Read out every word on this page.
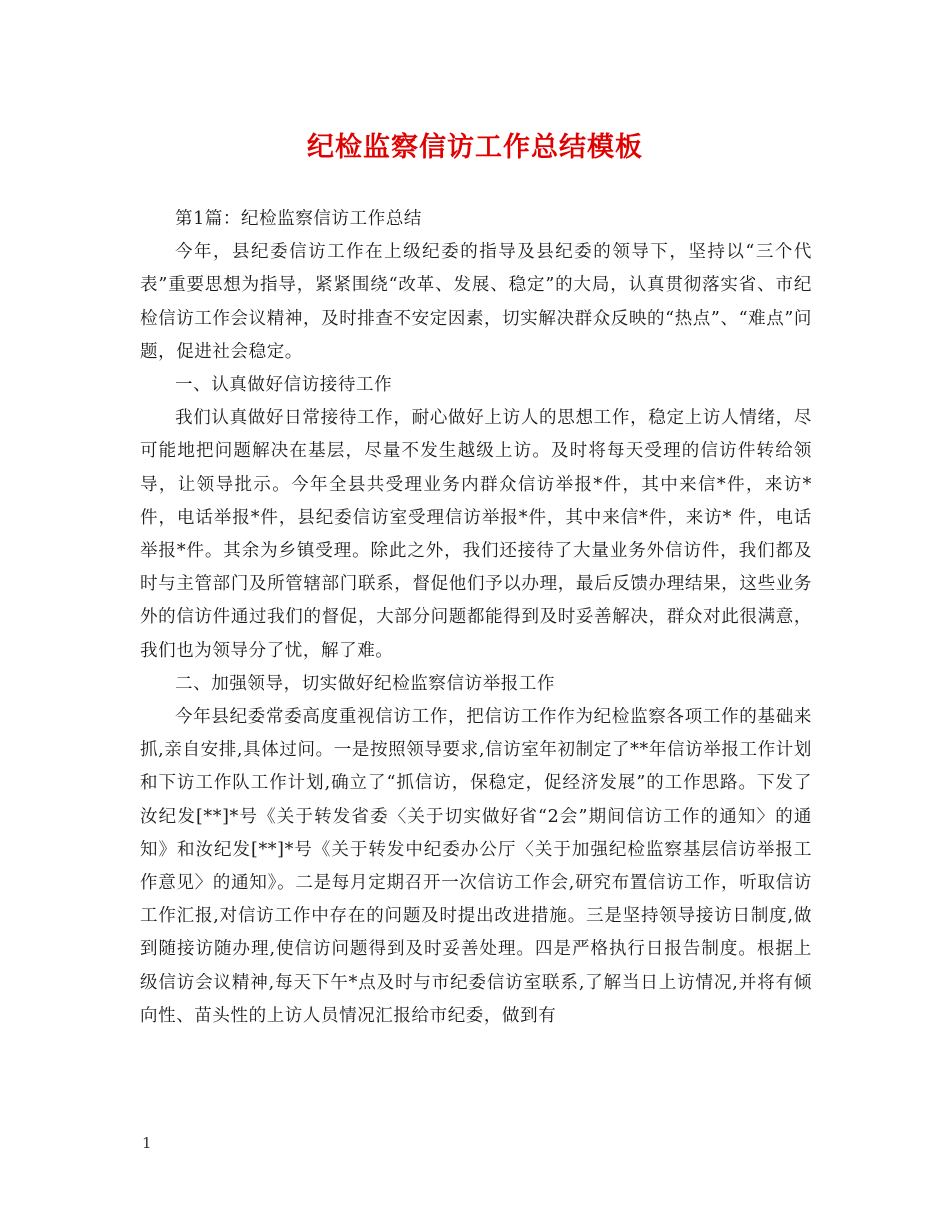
纪检监察信访工作总结模板

第1篇：纪检监察信访工作总结

今年，县纪委信访工作在上级纪委的指导及县纪委的领导下，坚持以“三个代表”重要思想为指导，紧紧围绕“改革、发展、稳定”的大局，认真贯彻落实省、市纪检信访工作会议精神，及时排查不安定因素，切实解决群众反映的“热点”、“难点”问题，促进社会稳定。

一、认真做好信访接待工作

我们认真做好日常接待工作，耐心做好上访人的思想工作，稳定上访人情绪，尽可能地把问题解决在基层，尽量不发生越级上访。及时将每天受理的信访件转给领导，让领导批示。今年全县共受理业务内群众信访举报*件，其中来信*件，来访*件，电话举报*件，县纪委信访室受理信访举报*件，其中来信*件，来访* 件，电话举报*件。其余为乡镇受理。除此之外，我们还接待了大量业务外信访件，我们都及时与主管部门及所管辖部门联系，督促他们予以办理，最后反馈办理结果，这些业务外的信访件通过我们的督促，大部分问题都能得到及时妥善解决，群众对此很满意，我们也为领导分了忧，解了难。

二、加强领导，切实做好纪检监察信访举报工作

今年县纪委常委高度重视信访工作，把信访工作作为纪检监察各项工作的基础来抓,亲自安排,具体过问。一是按照领导要求,信访室年初制定了**年信访举报工作计划和下访工作队工作计划,确立了“抓信访，保稳定，促经济发展”的工作思路。下发了汝纪发[**]*号《关于转发省委〈关于切实做好省“2会”期间信访工作的通知〉的通知》和汝纪发[**]*号《关于转发中纪委办公厅〈关于加强纪检监察基层信访举报工作意见〉的通知》。二是每月定期召开一次信访工作会,研究布置信访工作，听取信访工作汇报,对信访工作中存在的问题及时提出改进措施。三是坚持领导接访日制度,做到随接访随办理,使信访问题得到及时妥善处理。四是严格执行日报告制度。根据上级信访会议精神,每天下午*点及时与市纪委信访室联系,了解当日上访情况,并将有倾向性、苗头性的上访人员情况汇报给市纪委，做到有

1
